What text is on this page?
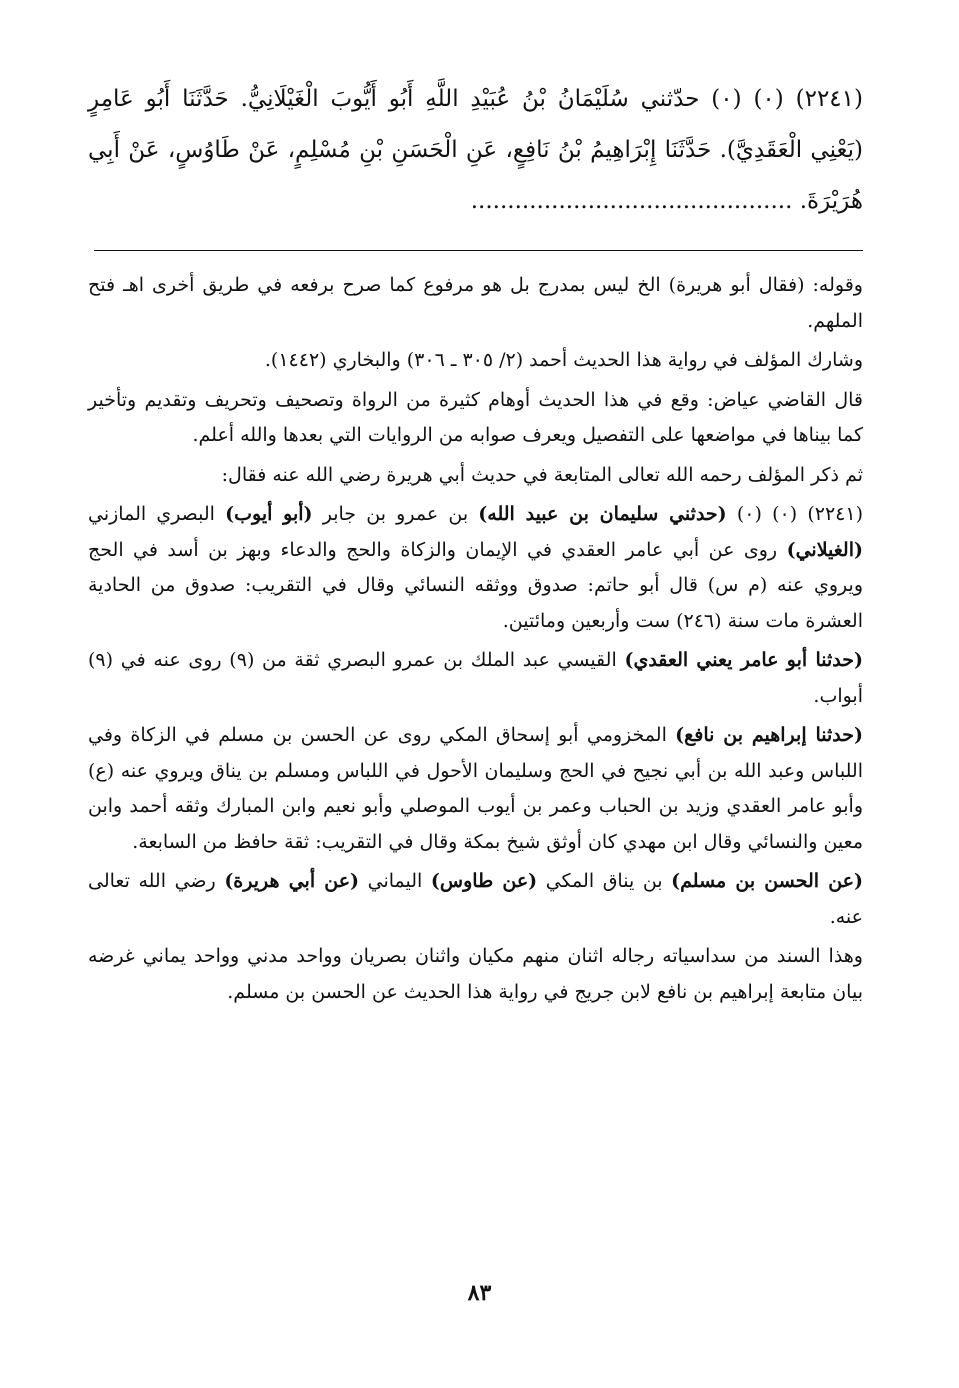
(٢٢٤١) (٠) (٠) حدّثني سُلَيْمَانُ بْنُ عُبَيْدِ اللَّهِ أَبُو أَيُّوبَ الْغَيْلَانِيُّ. حَدَّثَنَا أَبُو عَامِرٍ (يَعْنِي الْعَقَدِيَّ). حَدَّثَنَا إِبْرَاهِيمُ بْنُ نَافِعٍ، عَنِ الْحَسَنِ بْنِ مُسْلِمٍ، عَنْ طَاوُسٍ، عَنْ أَبِي هُرَيْرَةَ. ............................................

وقوله: (فقال أبو هريرة) الخ ليس بمدرج بل هو مرفوع كما صرح برفعه في طريق أخرى اهـ فتح الملهم.

وشارك المؤلف في رواية هذا الحديث أحمد (٢/ ٣٠٥ ـ ٣٠٦) والبخاري (١٤٤٢).

قال القاضي عياض: وقع في هذا الحديث أوهام كثيرة من الرواة وتصحيف وتحريف وتقديم وتأخير كما بيناها في مواضعها على التفصيل ويعرف صوابه من الروايات التي بعدها والله أعلم.

ثم ذكر المؤلف رحمه الله تعالى المتابعة في حديث أبي هريرة رضي الله عنه فقال:

(٢٢٤١) (٠) (٠) (حدثني سليمان بن عبيد الله) بن عمرو بن جابر (أبو أيوب) البصري المازني (الغيلاني) روى عن أبي عامر العقدي في الإيمان والزكاة والحج والدعاء وبهز بن أسد في الحج ويروي عنه (م س) قال أبو حاتم: صدوق ووثقه النسائي وقال في التقريب: صدوق من الحادية العشرة مات سنة (٢٤٦) ست وأربعين ومائتين.

(حدثنا أبو عامر يعني العقدي) القيسي عبد الملك بن عمرو البصري ثقة من (٩) روى عنه في (٩) أبواب.

(حدثنا إبراهيم بن نافع) المخزومي أبو إسحاق المكي روى عن الحسن بن مسلم في الزكاة وفي اللباس وعبد الله بن أبي نجيح في الحج وسليمان الأحول في اللباس ومسلم بن يناق ويروي عنه (ع) وأبو عامر العقدي وزيد بن الحباب وعمر بن أيوب الموصلي وأبو نعيم وابن المبارك وثقه أحمد وابن معين والنسائي وقال ابن مهدي كان أوثق شيخ بمكة وقال في التقريب: ثقة حافظ من السابعة.

(عن الحسن بن مسلم) بن يناق المكي (عن طاوس) اليماني (عن أبي هريرة) رضي الله تعالى عنه.

وهذا السند من سداسياته رجاله اثنان منهم مكيان واثنان بصريان وواحد مدني وواحد يماني غرضه بيان متابعة إبراهيم بن نافع لابن جريج في رواية هذا الحديث عن الحسن بن مسلم.

٨٣
